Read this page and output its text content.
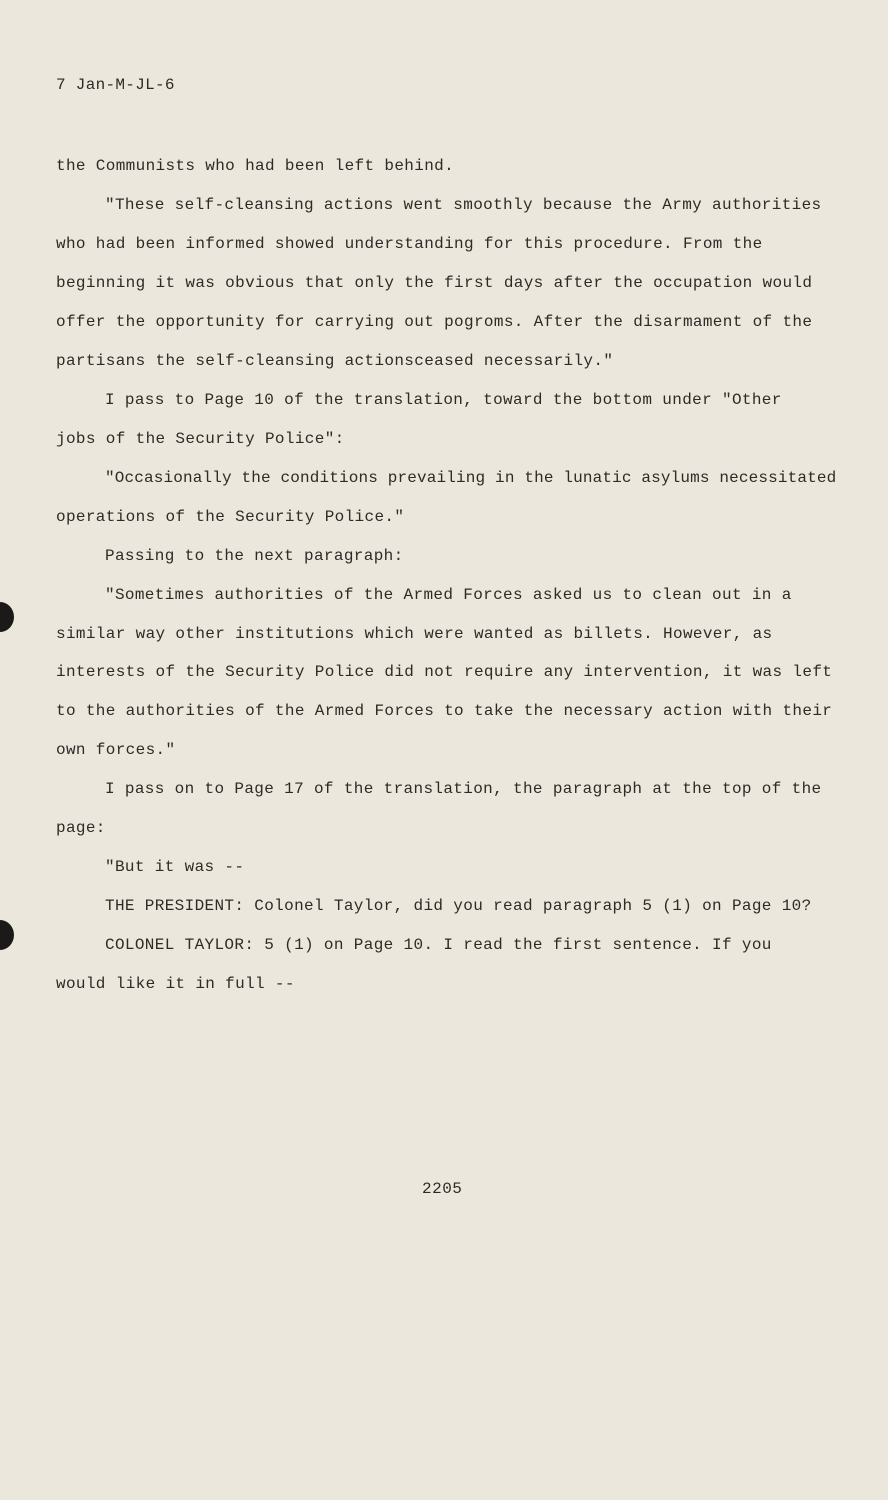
7 Jan-M-JL-6
the Communists who had been left behind.
"These self-cleansing actions went smoothly because the Army authorities
who had been informed showed understanding for this procedure. From the
beginning it was obvious that only the first days after the occupation would
offer the opportunity for carrying out pogroms. After the disarmament of the
partisans the self-cleansing actionsceased necessarily."
I pass to Page 10 of the translation, toward the bottom under "Other
jobs of the Security Police":
"Occasionally the conditions prevailing in the lunatic asylums necessitated
operations of the Security Police."
Passing to the next paragraph:
"Sometimes authorities of the Armed Forces asked us to clean out in a
similar way other institutions which were wanted as billets. However, as
interests of the Security Police did not require any intervention, it was left
to the authorities of the Armed Forces to take the necessary action with their
own forces."
I pass on to Page 17 of the translation, the paragraph at the top of the
page:
"But it was --
THE PRESIDENT: Colonel Taylor, did you read paragraph 5 (1) on Page 10?
COLONEL TAYLOR: 5 (1) on Page 10. I read the first sentence. If you
would like it in full --
2205
